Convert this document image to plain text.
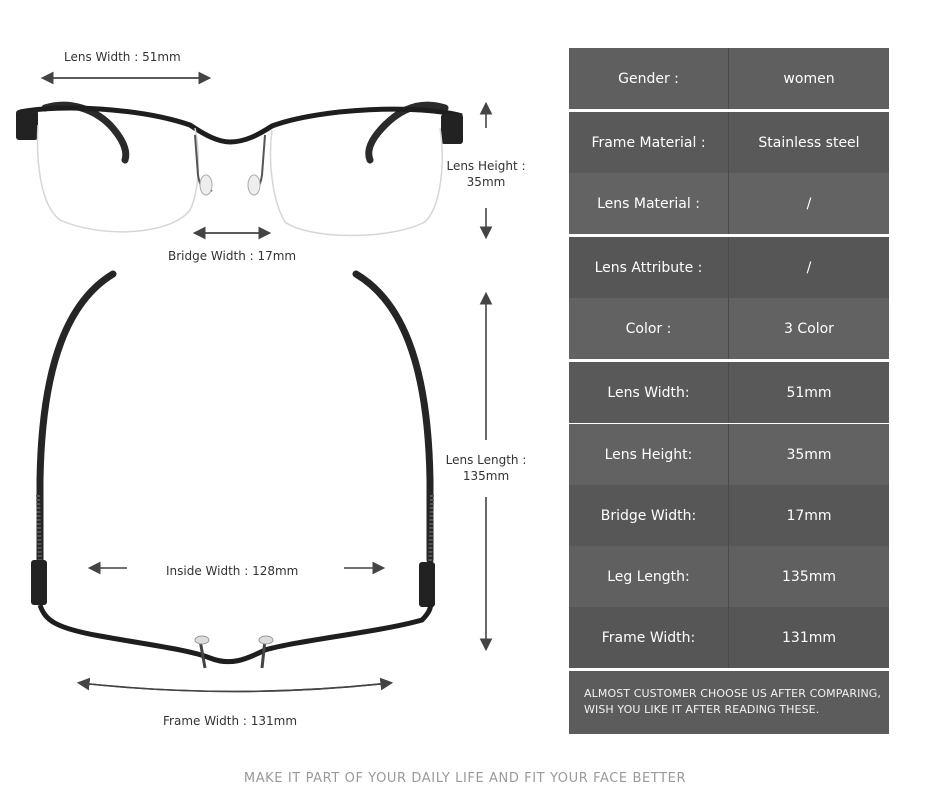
Lens Width : 51mm
Lens Height :
35mm
Bridge Width : 17mm
Lens Length :
135mm
Inside Width : 128mm
Frame Width : 131mm
Gender :	women
Frame Material :	Stainless steel
Lens Material :	/
Lens Attribute :	/
Color :	3 Color
Lens Width:	51mm
Lens Height:	35mm
Bridge Width:	17mm
Leg Length:	135mm
Frame Width:	131mm
ALMOST CUSTOMER CHOOSE US AFTER COMPARING,
WISH YOU LIKE IT AFTER READING THESE.
MAKE IT PART OF YOUR DAILY LIFE AND FIT YOUR FACE BETTER
